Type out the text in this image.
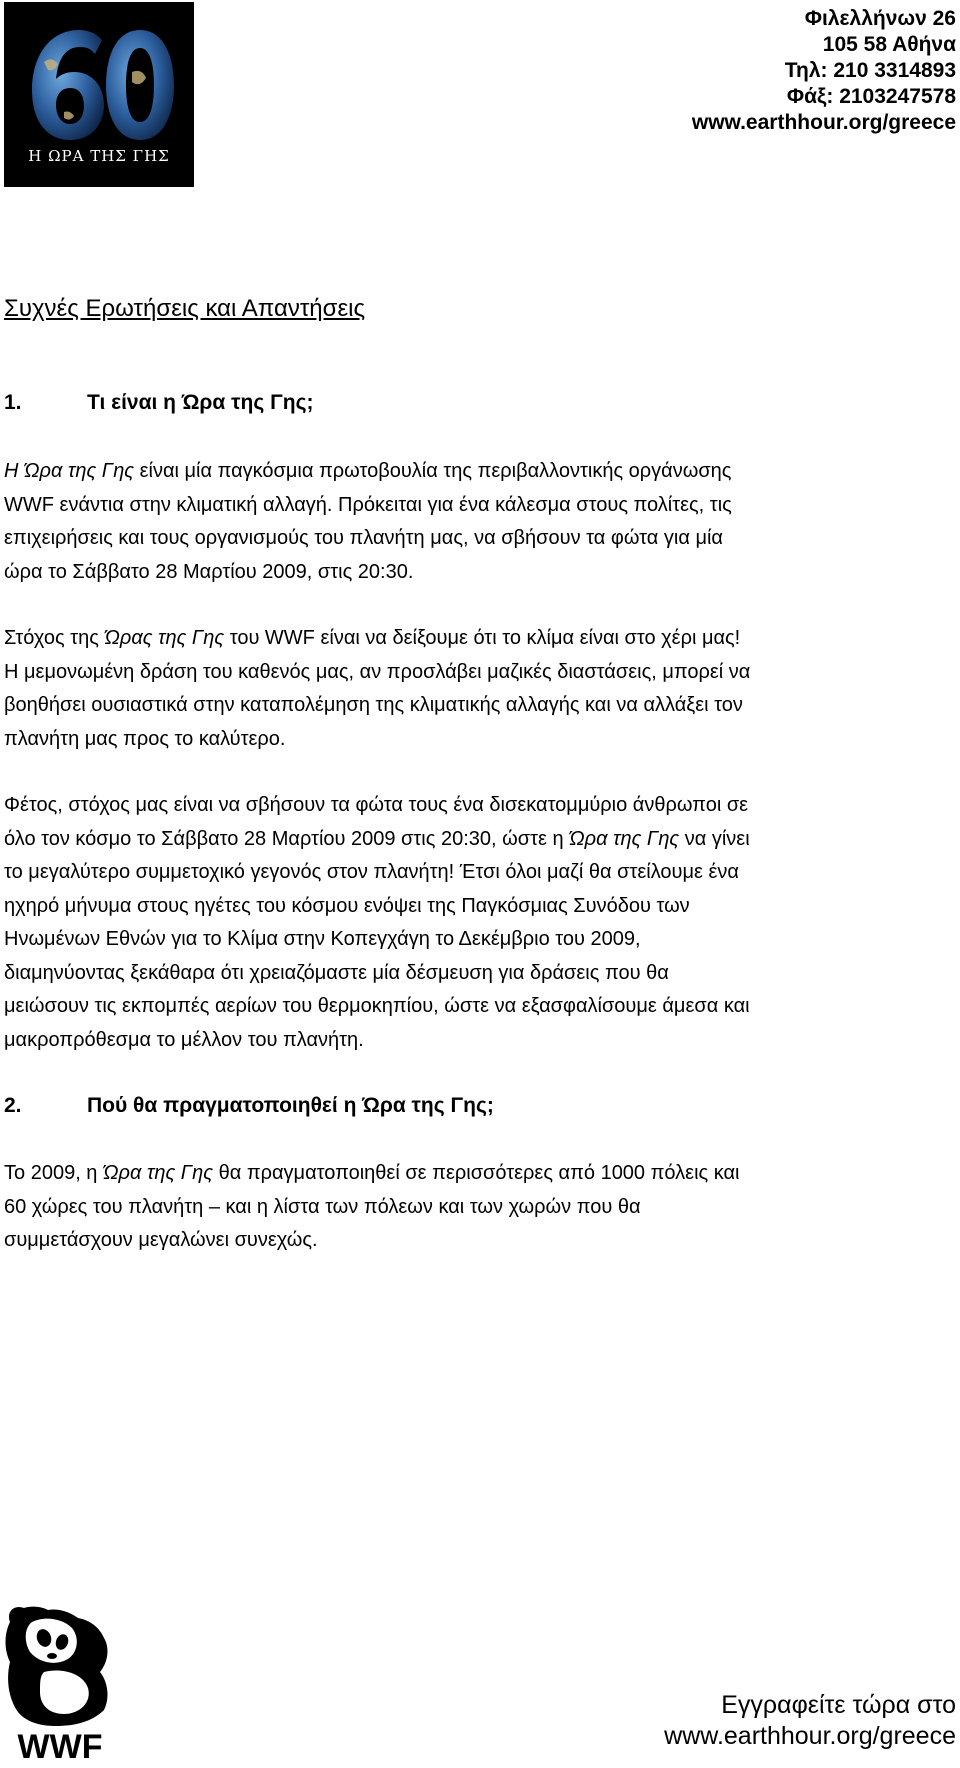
Η ΩΡΑ ΤΗΣ ΓΗΣ
Φιλελλήνων 26
105 58 Αθήνα
Τηλ: 210 3314893
Φάξ: 2103247578
www.earthhour.org/greece
Συχνές Ερωτήσεις και Απαντήσεις
1.	Τι είναι η Ώρα της Γης;
Η Ώρα της Γης είναι μία παγκόσμια πρωτοβουλία της περιβαλλοντικής οργάνωσης
WWF ενάντια στην κλιματική αλλαγή. Πρόκειται για ένα κάλεσμα στους πολίτες, τις
επιχειρήσεις και τους οργανισμούς του πλανήτη μας, να σβήσουν τα φώτα για μία
ώρα το Σάββατο 28 Μαρτίου 2009, στις 20:30.
Στόχος της Ώρας της Γης του WWF είναι να δείξουμε ότι το κλίμα είναι στο χέρι μας!
Η μεμονωμένη δράση του καθενός μας, αν προσλάβει μαζικές διαστάσεις, μπορεί να
βοηθήσει ουσιαστικά στην καταπολέμηση της κλιματικής αλλαγής και να αλλάξει τον
πλανήτη μας προς το καλύτερο.
Φέτος, στόχος μας είναι να σβήσουν τα φώτα τους ένα δισεκατομμύριο άνθρωποι σε
όλο τον κόσμο το Σάββατο 28 Μαρτίου 2009 στις 20:30, ώστε η Ώρα της Γης να γίνει
το μεγαλύτερο συμμετοχικό γεγονός στον πλανήτη! Έτσι όλοι μαζί θα στείλουμε ένα
ηχηρό μήνυμα στους ηγέτες του κόσμου ενόψει της Παγκόσμιας Συνόδου των
Ηνωμένων Εθνών για το Κλίμα στην Κοπεγχάγη το Δεκέμβριο του 2009,
διαμηνύοντας ξεκάθαρα ότι χρειαζόμαστε μία δέσμευση για δράσεις που θα
μειώσουν τις εκπομπές αερίων του θερμοκηπίου, ώστε να εξασφαλίσουμε άμεσα και
μακροπρόθεσμα το μέλλον του πλανήτη.
2.	Πού θα πραγματοποιηθεί η Ώρα της Γης;
Το 2009, η Ώρα της Γης θα πραγματοποιηθεί σε περισσότερες από 1000 πόλεις και
60 χώρες του πλανήτη – και η λίστα των πόλεων και των χωρών που θα
συμμετάσχουν μεγαλώνει συνεχώς.
WWF
Εγγραφείτε τώρα στο
www.earthhour.org/greece
